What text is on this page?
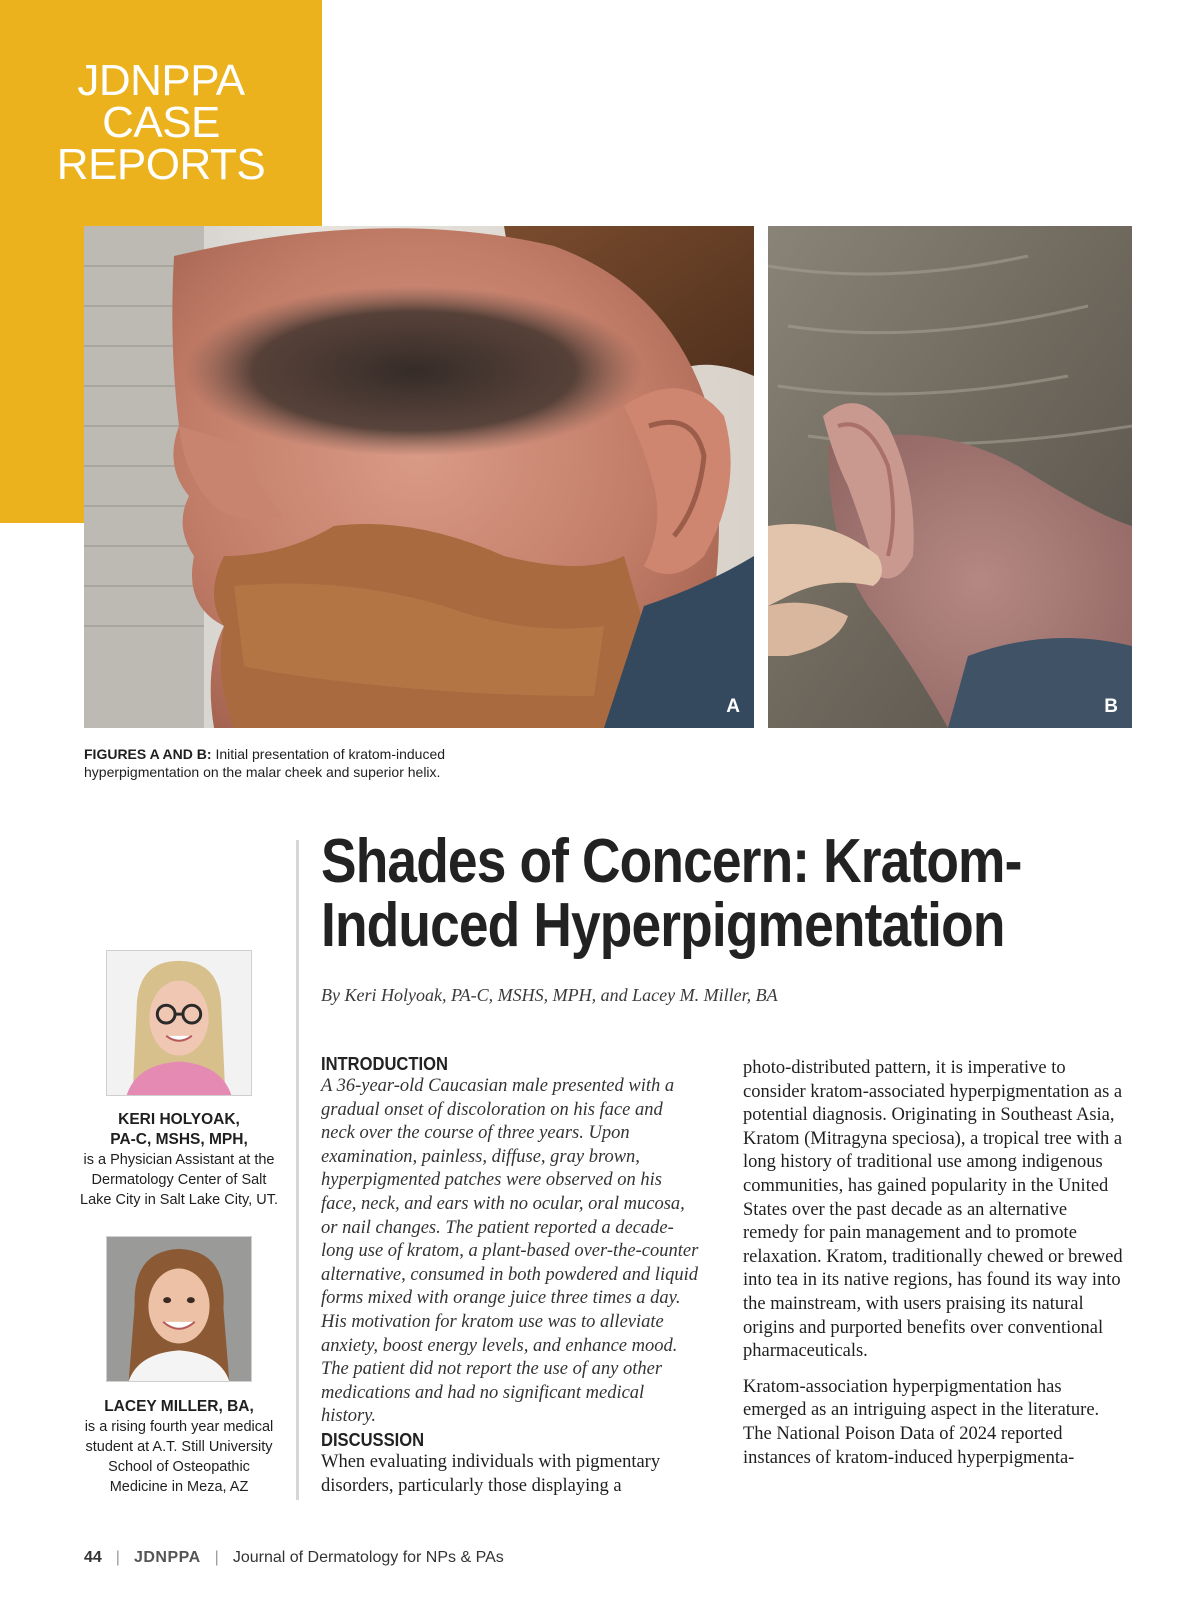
JDNPPA
CASE
REPORTS
A	B
FIGURES A AND B: Initial presentation of kratom-induced hyperpigmentation on the malar cheek and superior helix.
Shades of Concern: Kratom-
Induced Hyperpigmentation
By Keri Holyoak, PA-C, MSHS, MPH, and Lacey M. Miller, BA
INTRODUCTION

A 36-year-old Caucasian male presented with a gradual onset of discoloration on his face and neck over the course of three years. Upon examination, painless, diffuse, gray brown, hyperpigmented patches were observed on his face, neck, and ears with no ocular, oral mucosa, or nail changes. The patient reported a decade-long use of kratom, a plant-based over-the-counter alternative, consumed in both powdered and liquid forms mixed with orange juice three times a day. His motivation for kratom use was to alleviate anxiety, boost energy levels, and enhance mood. The patient did not report the use of any other medications and had no significant medical history.

DISCUSSION

When evaluating individuals with pigmentary disorders, particularly those displaying a

photo-distributed pattern, it is imperative to consider kratom-associated hyperpigmentation as a potential diagnosis. Originating in Southeast Asia, Kratom (Mitragyna speciosa), a tropical tree with a long history of traditional use among indigenous communities, has gained popularity in the United States over the past decade as an alternative remedy for pain management and to promote relaxation. Kratom, traditionally chewed or brewed into tea in its native regions, has found its way into the mainstream, with users praising its natural origins and purported benefits over conventional pharmaceuticals.

Kratom-association hyperpigmentation has emerged as an intriguing aspect in the literature. The National Poison Data of 2024 reported instances of kratom-induced hyperpigmenta-

KERI HOLYOAK,
PA-C, MSHS, MPH,
is a Physician Assistant at the Dermatology Center of Salt Lake City in Salt Lake City, UT.
LACEY MILLER, BA,
is a rising fourth year medical student at A.T. Still University School of Osteopathic Medicine in Meza, AZ
44 | JDNPPA | Journal of Dermatology for NPs & PAs
